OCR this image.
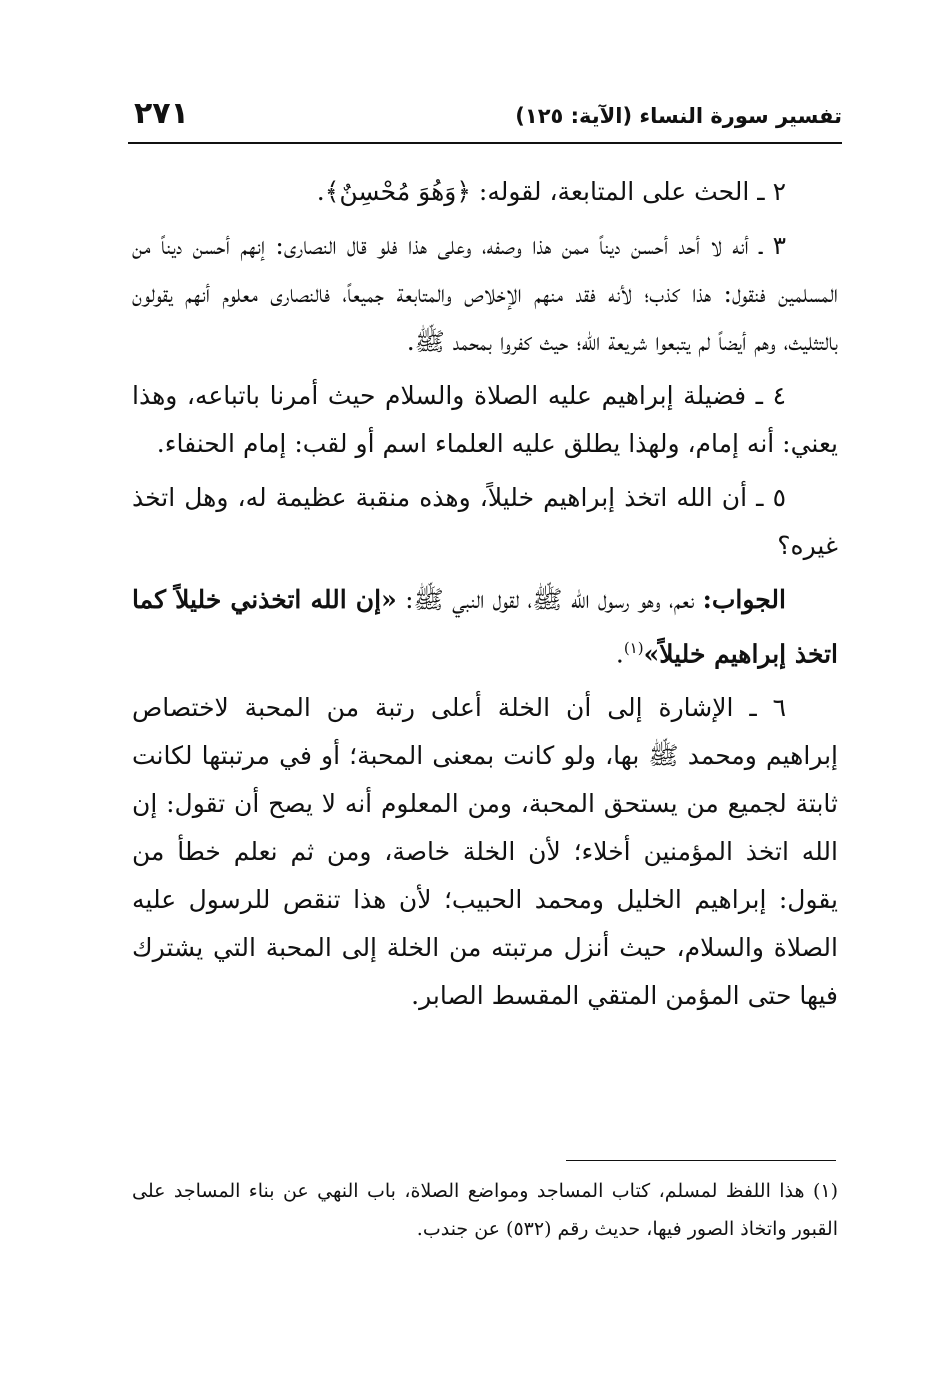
٢٧١	تفسير سورة النساء (الآية: ١٢٥)

٢ ـ الحث على المتابعة، لقوله: ﴿وَهُوَ مُحْسِنٌ﴾.

٣ ـ أنه لا أحد أحسن ديناً ممن هذا وصفه، وعلى هذا فلو قال النصارى: إنهم أحسن ديناً من المسلمين فنقول: هذا كذب؛ لأنه فقد منهم الإخلاص والمتابعة جميعاً، فالنصارى معلوم أنهم يقولون بالتثليث، وهم أيضاً لم يتبعوا شريعة الله؛ حيث كفروا بمحمد ﷺ.

٤ ـ فضيلة إبراهيم عليه الصلاة والسلام حيث أمرنا باتباعه، وهذا يعني: أنه إمام، ولهذا يطلق عليه العلماء اسم أو لقب: إمام الحنفاء.

٥ ـ أن الله اتخذ إبراهيم خليلاً، وهذه منقبة عظيمة له، وهل اتخذ غيره؟

الجواب: نعم، وهو رسول الله ﷺ، لقول النبي ﷺ: «إن الله اتخذني خليلاً كما اتخذ إبراهيم خليلاً»$^{(١)}$.

٦ ـ الإشارة إلى أن الخلة أعلى رتبة من المحبة لاختصاص إبراهيم ومحمد ﷺ بها، ولو كانت بمعنى المحبة؛ أو في مرتبتها لكانت ثابتة لجميع من يستحق المحبة، ومن المعلوم أنه لا يصح أن تقول: إن الله اتخذ المؤمنين أخلاء؛ لأن الخلة خاصة، ومن ثم نعلم خطأ من يقول: إبراهيم الخليل ومحمد الحبيب؛ لأن هذا تنقص للرسول عليه الصلاة والسلام، حيث أنزل مرتبته من الخلة إلى المحبة التي يشترك فيها حتى المؤمن المتقي المقسط الصابر.

(١) هذا اللفظ لمسلم، كتاب المساجد ومواضع الصلاة، باب النهي عن بناء المساجد على القبور واتخاذ الصور فيها، حديث رقم (٥٣٢) عن جندب.
